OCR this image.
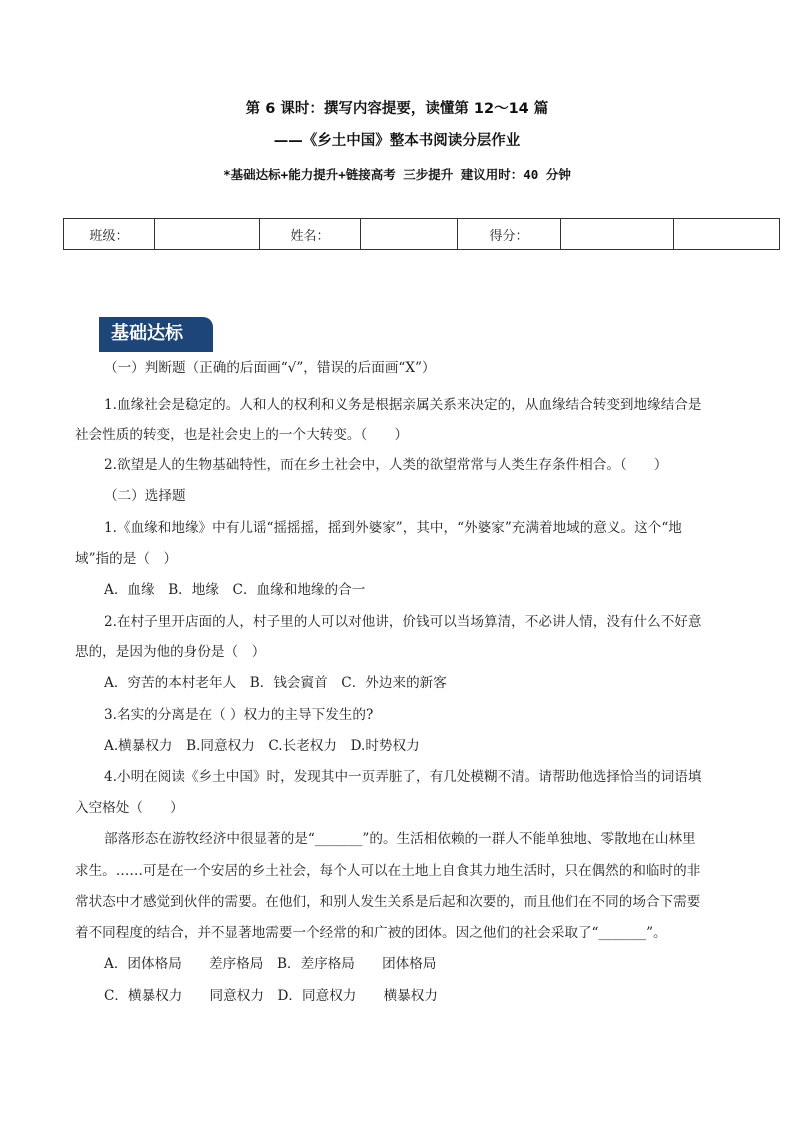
第 6 课时：撰写内容提要，读懂第 12～14 篇
——《乡土中国》整本书阅读分层作业
*基础达标+能力提升+链接高考 三步提升 建议用时：40 分钟
班级：		姓名：		得分：		
基础达标
（一）判断题（正确的后面画“√”，错误的后面画“X”）
1.血缘社会是稳定的。人和人的权利和义务是根据亲属关系来决定的，从血缘结合转变到地缘结合是
社会性质的转变，也是社会史上的一个大转变。（　　）
2.欲望是人的生物基础特性，而在乡土社会中，人类的欲望常常与人类生存条件相合。（　　）
（二）选择题
1.《血缘和地缘》中有儿谣“摇摇摇，摇到外婆家”，其中，“外婆家”充满着地域的意义。这个“地
域”指的是（　）
A．血缘　B．地缘　C．血缘和地缘的合一
2.在村子里开店面的人，村子里的人可以对他讲，价钱可以当场算清，不必讲人情，没有什么不好意
思的，是因为他的身份是（　）
A．穷苦的本村老年人　B．钱会賨首　C．外边来的新客
3.名实的分离是在（ ）权力的主导下发生的?
A.横暴权力　B.同意权力　C.长老权力　D.时势权力
4.小明在阅读《乡土中国》时，发现其中一页弄脏了，有几处模糊不清。请帮助他选择恰当的词语填
入空格处（　　）
部落形态在游牧经济中很显著的是“_______”的。生活相依赖的一群人不能单独地、零散地在山林里
求生。……可是在一个安居的乡土社会，每个人可以在土地上自食其力地生活时，只在偶然的和临时的非
常状态中才感觉到伙伴的需要。在他们，和别人发生关系是后起和次要的，而且他们在不同的场合下需要
着不同程度的结合，并不显著地需要一个经常的和广被的团体。因之他们的社会采取了“_______”。
A．团体格局　　差序格局　B．差序格局　　团体格局
C．横暴权力　　同意权力　D．同意权力　　横暴权力
